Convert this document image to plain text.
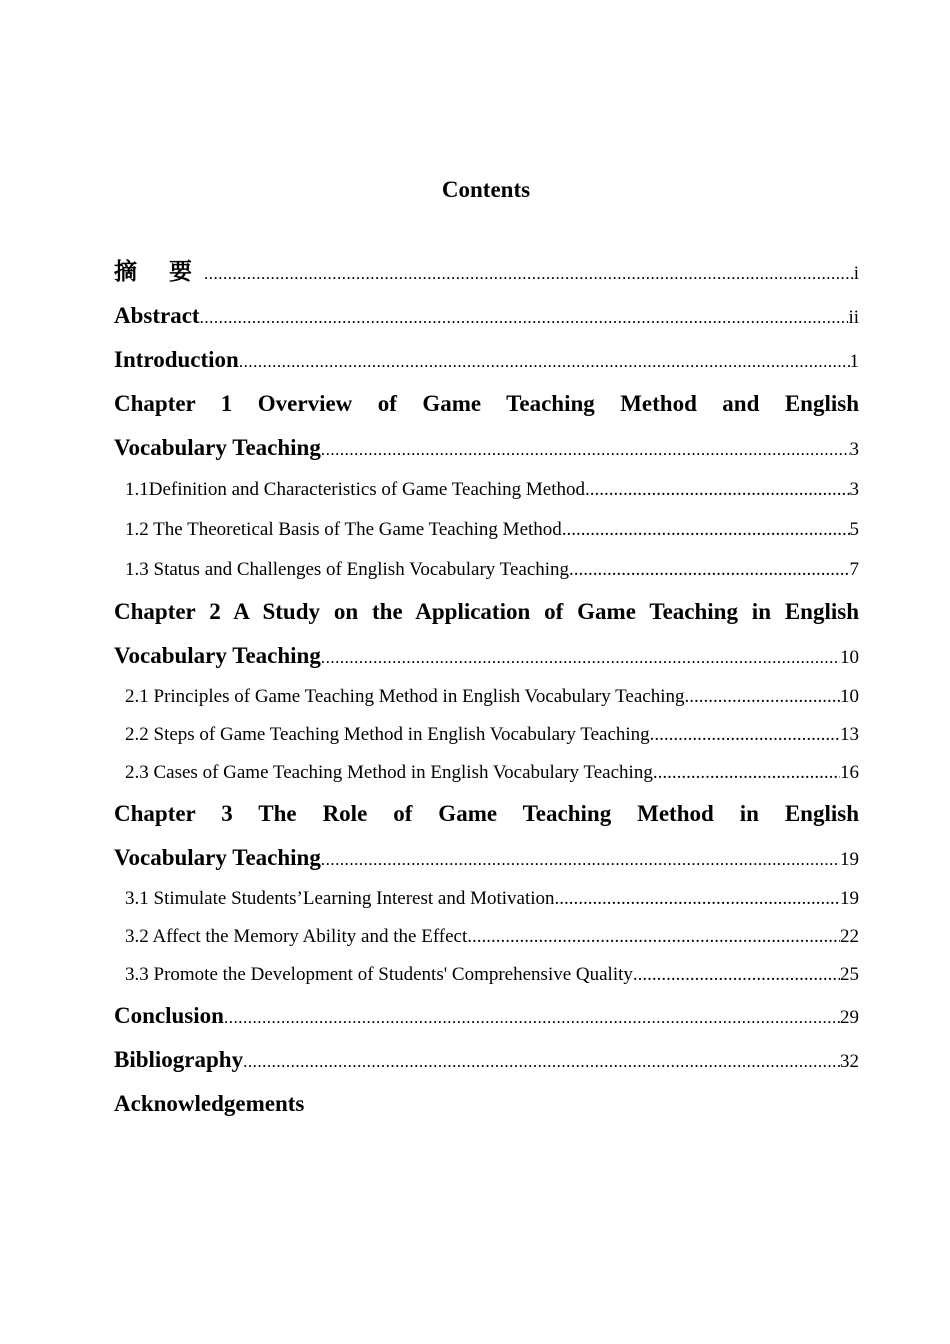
Contents
摘 要 .....	i
Abstract .....	ii
Introduction .....	1
Chapter 1 Overview of Game Teaching Method and English
Vocabulary Teaching .....	3
1.1Definition and Characteristics of Game Teaching Method .....	3
1.2 The Theoretical Basis of The Game Teaching Method .....	5
1.3 Status and Challenges of English Vocabulary Teaching .....	7
Chapter 2 A Study on the Application of Game Teaching in English
Vocabulary Teaching .....	10
2.1 Principles of Game Teaching Method in English Vocabulary Teaching .....	10
2.2 Steps of Game Teaching Method in English Vocabulary Teaching .....	13
2.3 Cases of Game Teaching Method in English Vocabulary Teaching .....	16
Chapter 3 The Role of Game Teaching Method in English
Vocabulary Teaching .....	19
3.1 Stimulate Students’Learning Interest and Motivation .....	19
3.2 Affect the Memory Ability and the Effect .....	22
3.3 Promote the Development of Students' Comprehensive Quality .....	25
Conclusion .....	29
Bibliography .....	32
Acknowledgements
